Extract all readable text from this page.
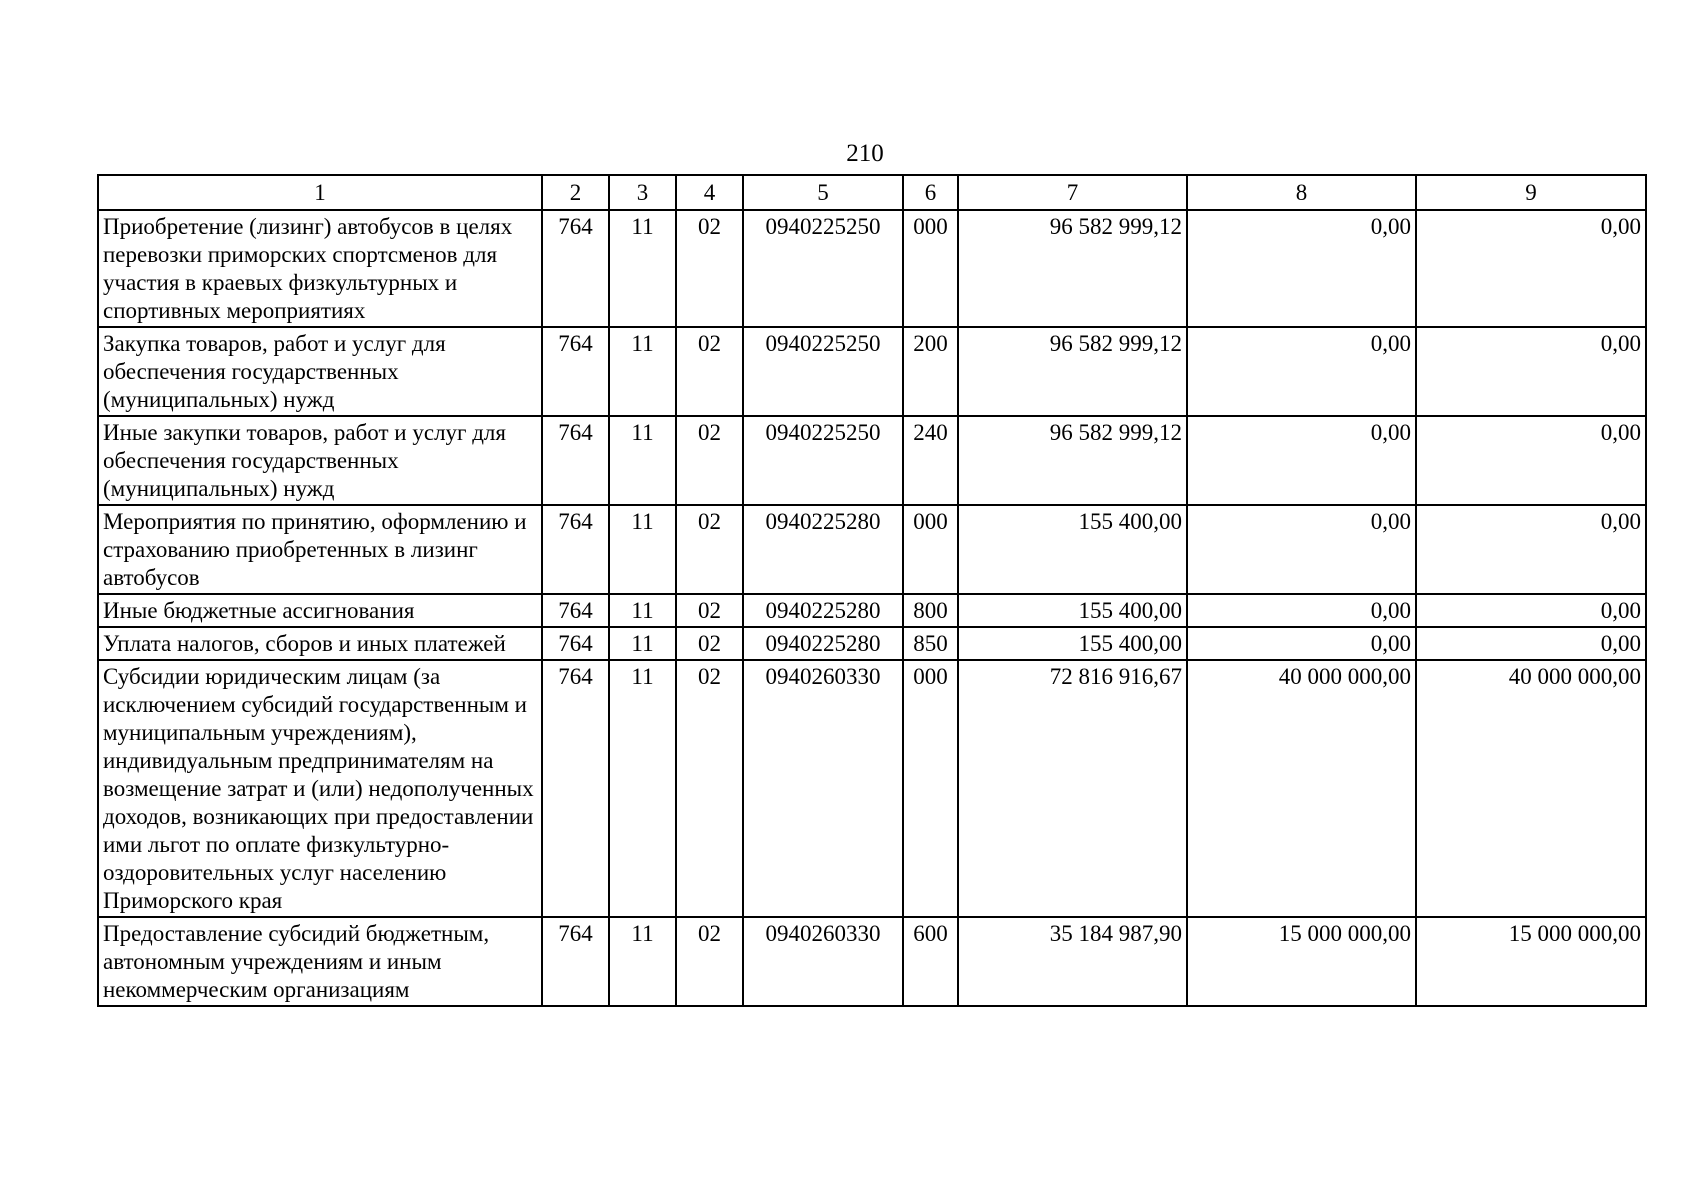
210
1	2	3	4	5	6	7	8	9
Приобретение (лизинг) автобусов в целях перевозки приморских спортсменов для участия в краевых физкультурных и спортивных мероприятиях	764	11	02	0940225250	000	96 582 999,12	0,00	0,00
Закупка товаров, работ и услуг для обеспечения государственных (муниципальных) нужд	764	11	02	0940225250	200	96 582 999,12	0,00	0,00
Иные закупки товаров, работ и услуг для обеспечения государственных (муниципальных) нужд	764	11	02	0940225250	240	96 582 999,12	0,00	0,00
Мероприятия по принятию, оформлению и страхованию приобретенных в лизинг автобусов	764	11	02	0940225280	000	155 400,00	0,00	0,00
Иные бюджетные ассигнования	764	11	02	0940225280	800	155 400,00	0,00	0,00
Уплата налогов, сборов и иных платежей	764	11	02	0940225280	850	155 400,00	0,00	0,00
Субсидии юридическим лицам (за исключением субсидий государственным и муниципальным учреждениям), индивидуальным предпринимателям на возмещение затрат и (или) недополученных доходов, возникающих при предоставлении ими льгот по оплате физкультурно-оздоровительных услуг населению Приморского края	764	11	02	0940260330	000	72 816 916,67	40 000 000,00	40 000 000,00
Предоставление субсидий бюджетным, автономным учреждениям и иным некоммерческим организациям	764	11	02	0940260330	600	35 184 987,90	15 000 000,00	15 000 000,00
